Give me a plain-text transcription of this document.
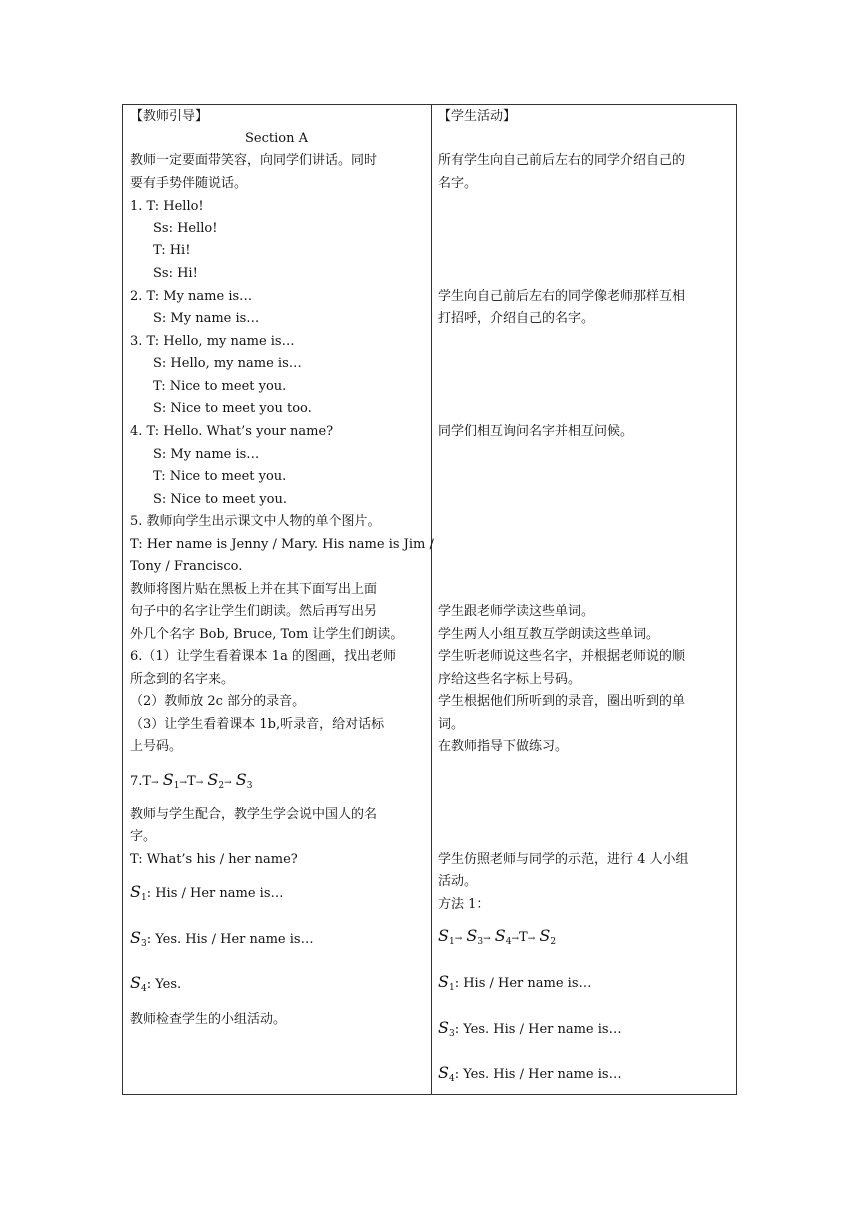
【教师引导】
Section A
教师一定要面带笑容，向同学们讲话。同时
要有手势伴随说话。
1. T: Hello!
Ss: Hello!
T: Hi!
Ss: Hi!
2. T: My name is…
S: My name is…
3. T: Hello, my name is…
S: Hello, my name is…
T: Nice to meet you.
S: Nice to meet you too.
4. T: Hello. What’s your name?
S: My name is…
T: Nice to meet you.
S: Nice to meet you.
5. 教师向学生出示课文中人物的单个图片。
T: Her name is Jenny / Mary. His name is Jim /
Tony / Francisco.
教师将图片贴在黑板上并在其下面写出上面
句子中的名字让学生们朗读。然后再写出另
外几个名字 Bob, Bruce, Tom 让学生们朗读。
6.（1）让学生看着课本 1a 的图画，找出老师
所念到的名字来。
（2）教师放 2c 部分的录音。
（3）让学生看着课本 1b,听录音，给对话标
上号码。
$7.T\to S_1\to T\to S_2\to S_3$
教师与学生配合，教学生学会说中国人的名
字。
T: What’s his / her name?
$S_1$: His / Her name is…
$S_3$: Yes. His / Her name is…
$S_4$: Yes.
教师检查学生的小组活动。
【学生活动】
所有学生向自己前后左右的同学介绍自己的
名字。
学生向自己前后左右的同学像老师那样互相
打招呼，介绍自己的名字。
同学们相互询问名字并相互问候。
学生跟老师学读这些单词。
学生两人小组互教互学朗读这些单词。
学生听老师说这些名字，并根据老师说的顺
序给这些名字标上号码。
学生根据他们所听到的录音，圈出听到的单
词。
在教师指导下做练习。
学生仿照老师与同学的示范，进行 4 人小组
活动。
方法 1：
$S_1\to S_3\to S_4\to T\to S_2$
$S_1$: His / Her name is…
$S_3$: Yes. His / Her name is…
$S_4$: Yes. His / Her name is…
